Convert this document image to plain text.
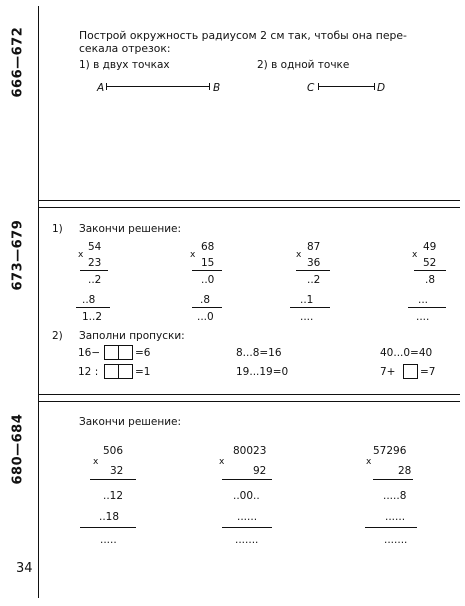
666—672	Построй окружность радиусом 2 см так, чтобы она пере-
секала отрезок:
1) в двух точках	2) в одной точке
A	B	C	D
673—679	1) Закончи решение:
54
x
23
..2
..8
1..2
68
x
15
..0
.8
...0
87
x
36
..2
..1
....
49
x
52
.8
...
....
2) Заполни пропуски:
16−	=6	8...8=16	40...0=40
12 :	=1	19...19=0	7+ =7
680—684	Закончи решение:
506
x
32
..12
..18
.....
80023
x
92
..00..
......
.......
57296
x
28
.....8
......
.......
34
